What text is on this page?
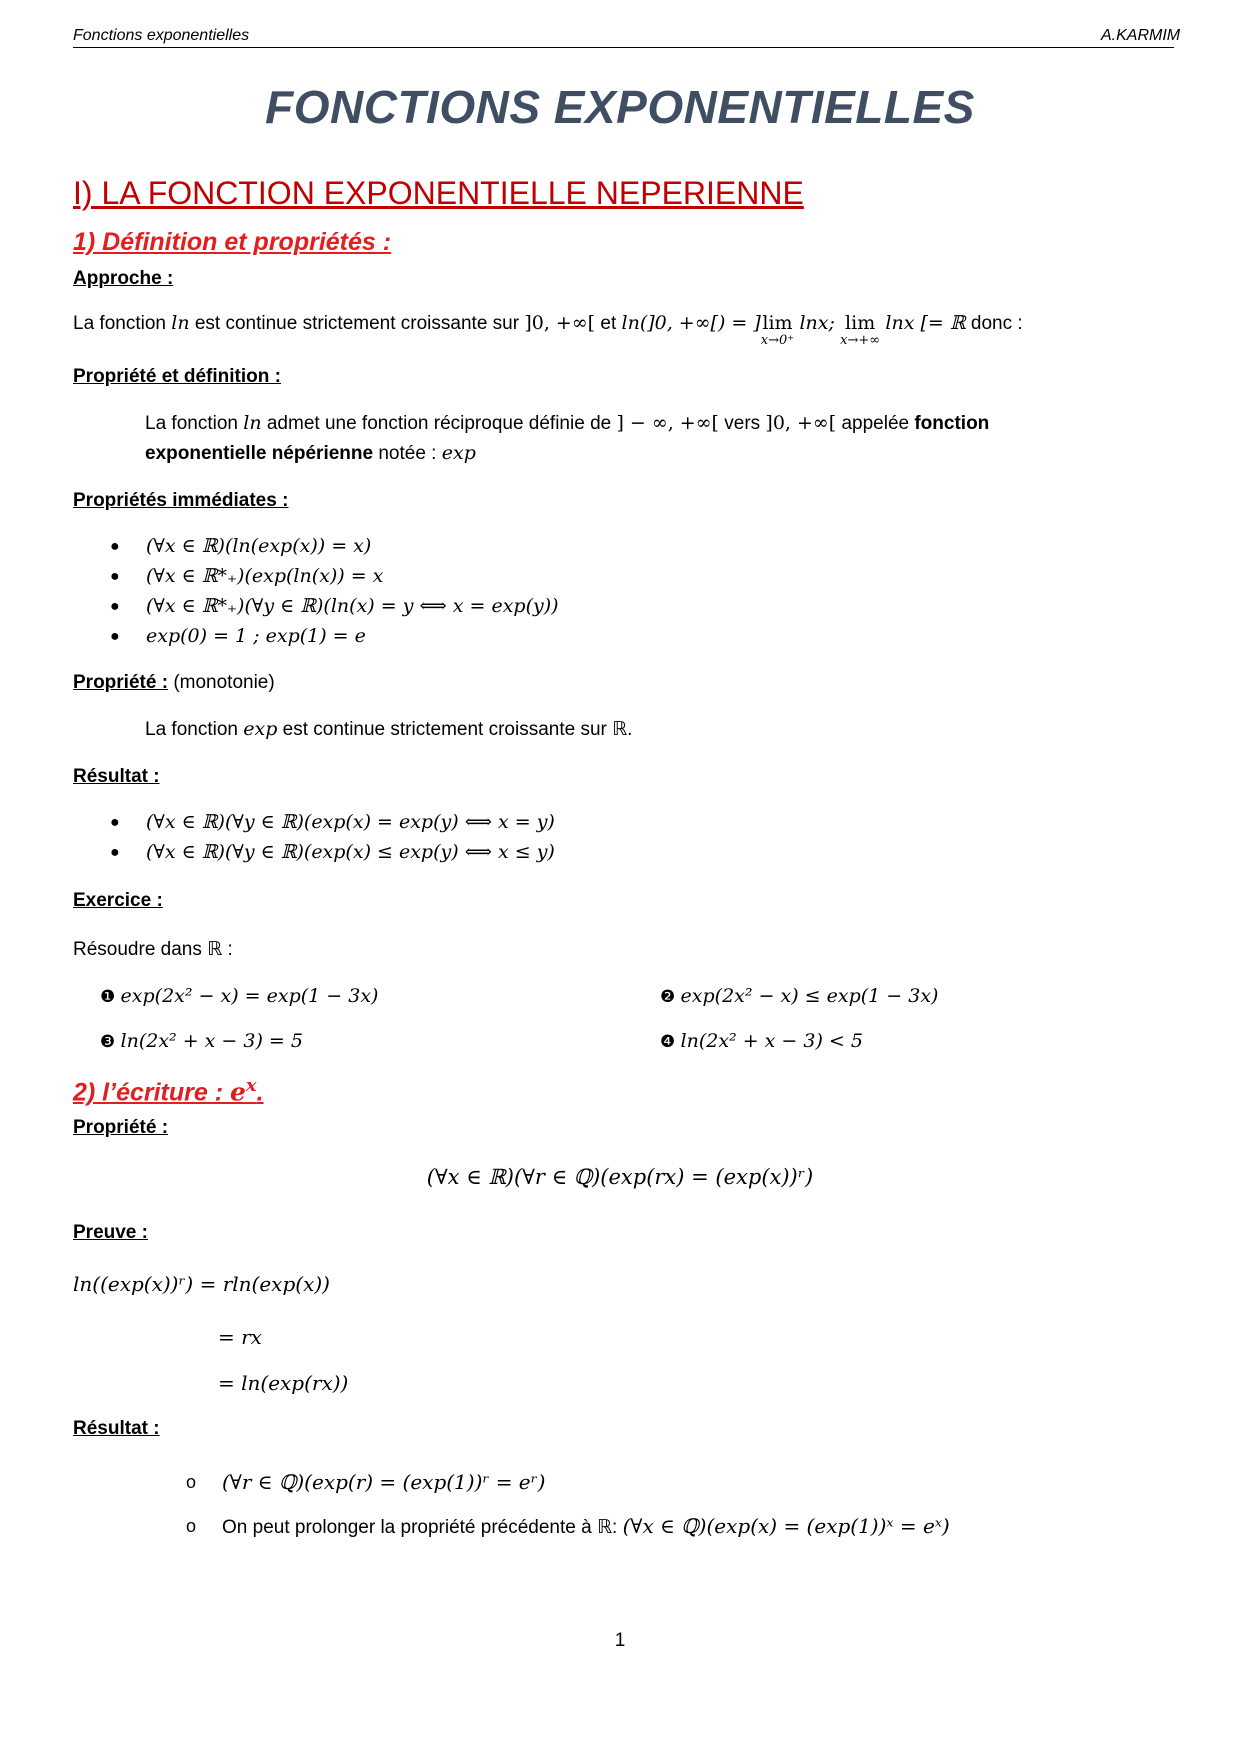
Fonctions exponentielles	A.KARMIM
FONCTIONS EXPONENTIELLES
I) LA FONCTION EXPONENTIELLE NEPERIENNE
1) Définition et propriétés :
Approche :
La fonction ln est continue strictement croissante sur ]0, +∞[ et ln(]0, +∞[) = ]lim
x→0⁺
lnx; lim
x→+∞
lnx [= ℝ donc :
Propriété et définition :
La fonction ln admet une fonction réciproque définie de ] − ∞, +∞[ vers ]0, +∞[ appelée fonction
exponentielle népérienne notée : exp
Propriétés immédiates :
● (∀x ∈ ℝ)(ln(exp(x)) = x)
● (∀x ∈ ℝ*₊)(exp(ln(x)) = x
● (∀x ∈ ℝ*₊)(∀y ∈ ℝ)(ln(x) = y ⟺ x = exp(y))
● exp(0) = 1 ; exp(1) = e
Propriété : (monotonie)
La fonction exp est continue strictement croissante sur ℝ.
Résultat :
● (∀x ∈ ℝ)(∀y ∈ ℝ)(exp(x) = exp(y) ⟺ x = y)
● (∀x ∈ ℝ)(∀y ∈ ℝ)(exp(x) ≤ exp(y) ⟺ x ≤ y)
Exercice :
Résoudre dans ℝ :
❶ exp(2x² − x) = exp(1 − 3x)	❷ exp(2x² − x) ≤ exp(1 − 3x)
❸ ln(2x² + x − 3) = 5	❹ ln(2x² + x − 3) < 5
2) l’écriture : $e^x$.
Propriété :
(∀x ∈ ℝ)(∀r ∈ ℚ)(exp(rx) = (exp(x))ʳ)
Preuve :
ln((exp(x))ʳ) = rln(exp(x))
= rx
= ln(exp(rx))
Résultat :
o (∀r ∈ ℚ)(exp(r) = (exp(1))ʳ = eʳ)
o On peut prolonger la propriété précédente à ℝ: (∀x ∈ ℚ)(exp(x) = (exp(1))ˣ = eˣ)
1
